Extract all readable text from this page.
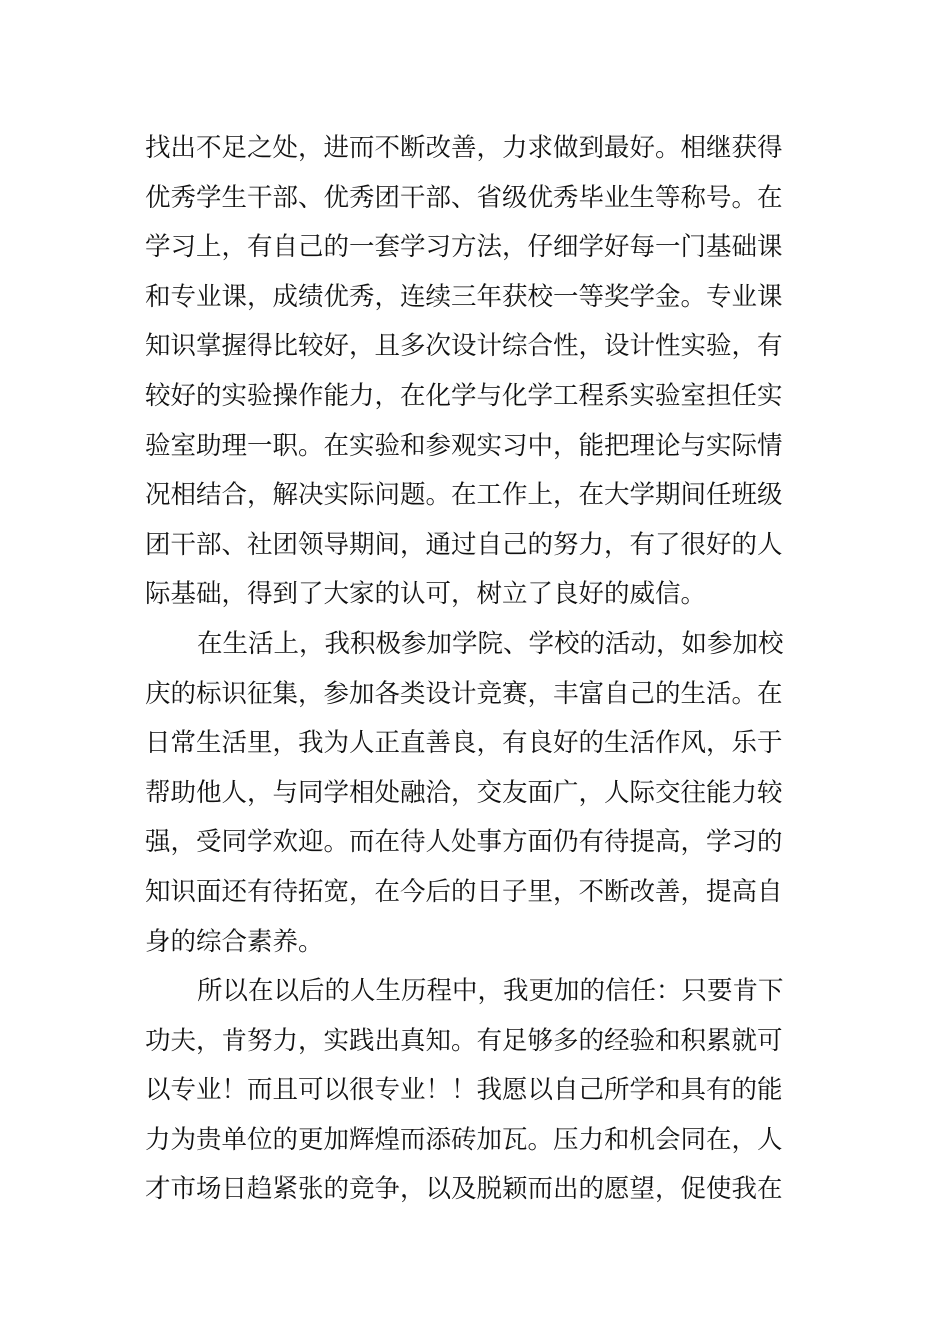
找出不足之处，进而不断改善，力求做到最好。相继获得
优秀学生干部、优秀团干部、省级优秀毕业生等称号。在
学习上，有自己的一套学习方法，仔细学好每一门基础课
和专业课，成绩优秀，连续三年获校一等奖学金。专业课
知识掌握得比较好，且多次设计综合性，设计性实验，有
较好的实验操作能力，在化学与化学工程系实验室担任实
验室助理一职。在实验和参观实习中，能把理论与实际情
况相结合，解决实际问题。在工作上，在大学期间任班级
团干部、社团领导期间，通过自己的努力，有了很好的人
际基础，得到了大家的认可，树立了良好的威信。
在生活上，我积极参加学院、学校的活动，如参加校
庆的标识征集，参加各类设计竞赛，丰富自己的生活。在
日常生活里，我为人正直善良，有良好的生活作风，乐于
帮助他人，与同学相处融洽，交友面广，人际交往能力较
强，受同学欢迎。而在待人处事方面仍有待提高，学习的
知识面还有待拓宽，在今后的日子里，不断改善，提高自
身的综合素养。
所以在以后的人生历程中，我更加的信任：只要肯下
功夫，肯努力，实践出真知。有足够多的经验和积累就可
以专业！而且可以很专业！！我愿以自己所学和具有的能
力为贵单位的更加辉煌而添砖加瓦。压力和机会同在，人
才市场日趋紧张的竞争，以及脱颖而出的愿望，促使我在
